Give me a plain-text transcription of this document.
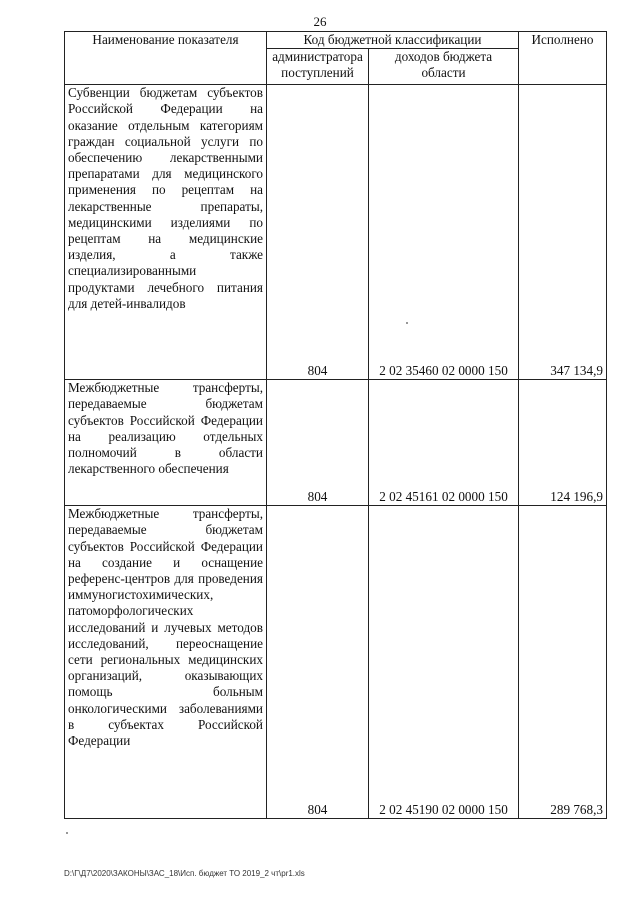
26
Наименование показателя	Код бюджетной классификации		Исполнено
	администратора поступлений	доходов бюджета области	
Субвенции бюджетам субъектов Российской Федерации на оказание отдельным категориям граждан социальной услуги по обеспечению лекарственными препаратами для медицинского применения по рецептам на лекарственные препараты, медицинскими изделиями по рецептам на медицинские изделия, а также специализированными продуктами лечебного питания для детей-инвалидов	804	2 02 35460 02 0000 150	347 134,9
Межбюджетные трансферты, передаваемые бюджетам субъектов Российской Федерации на реализацию отдельных полномочий в области лекарственного обеспечения	804	2 02 45161 02 0000 150	124 196,9
Межбюджетные трансферты, передаваемые бюджетам субъектов Российской Федерации на создание и оснащение референс-центров для проведения иммуногистохимических, патоморфологических исследований и лучевых методов исследований, переоснащение сети региональных медицинских организаций, оказывающих помощь больным онкологическими заболеваниями в субъектах Российской Федерации	804	2 02 45190 02 0000 150	289 768,3
D:\Г\Д7\2020\ЗАКОНЫ\ЗАС_18\Исп. бюджет ТО 2019_2 чт\pr1.xls
